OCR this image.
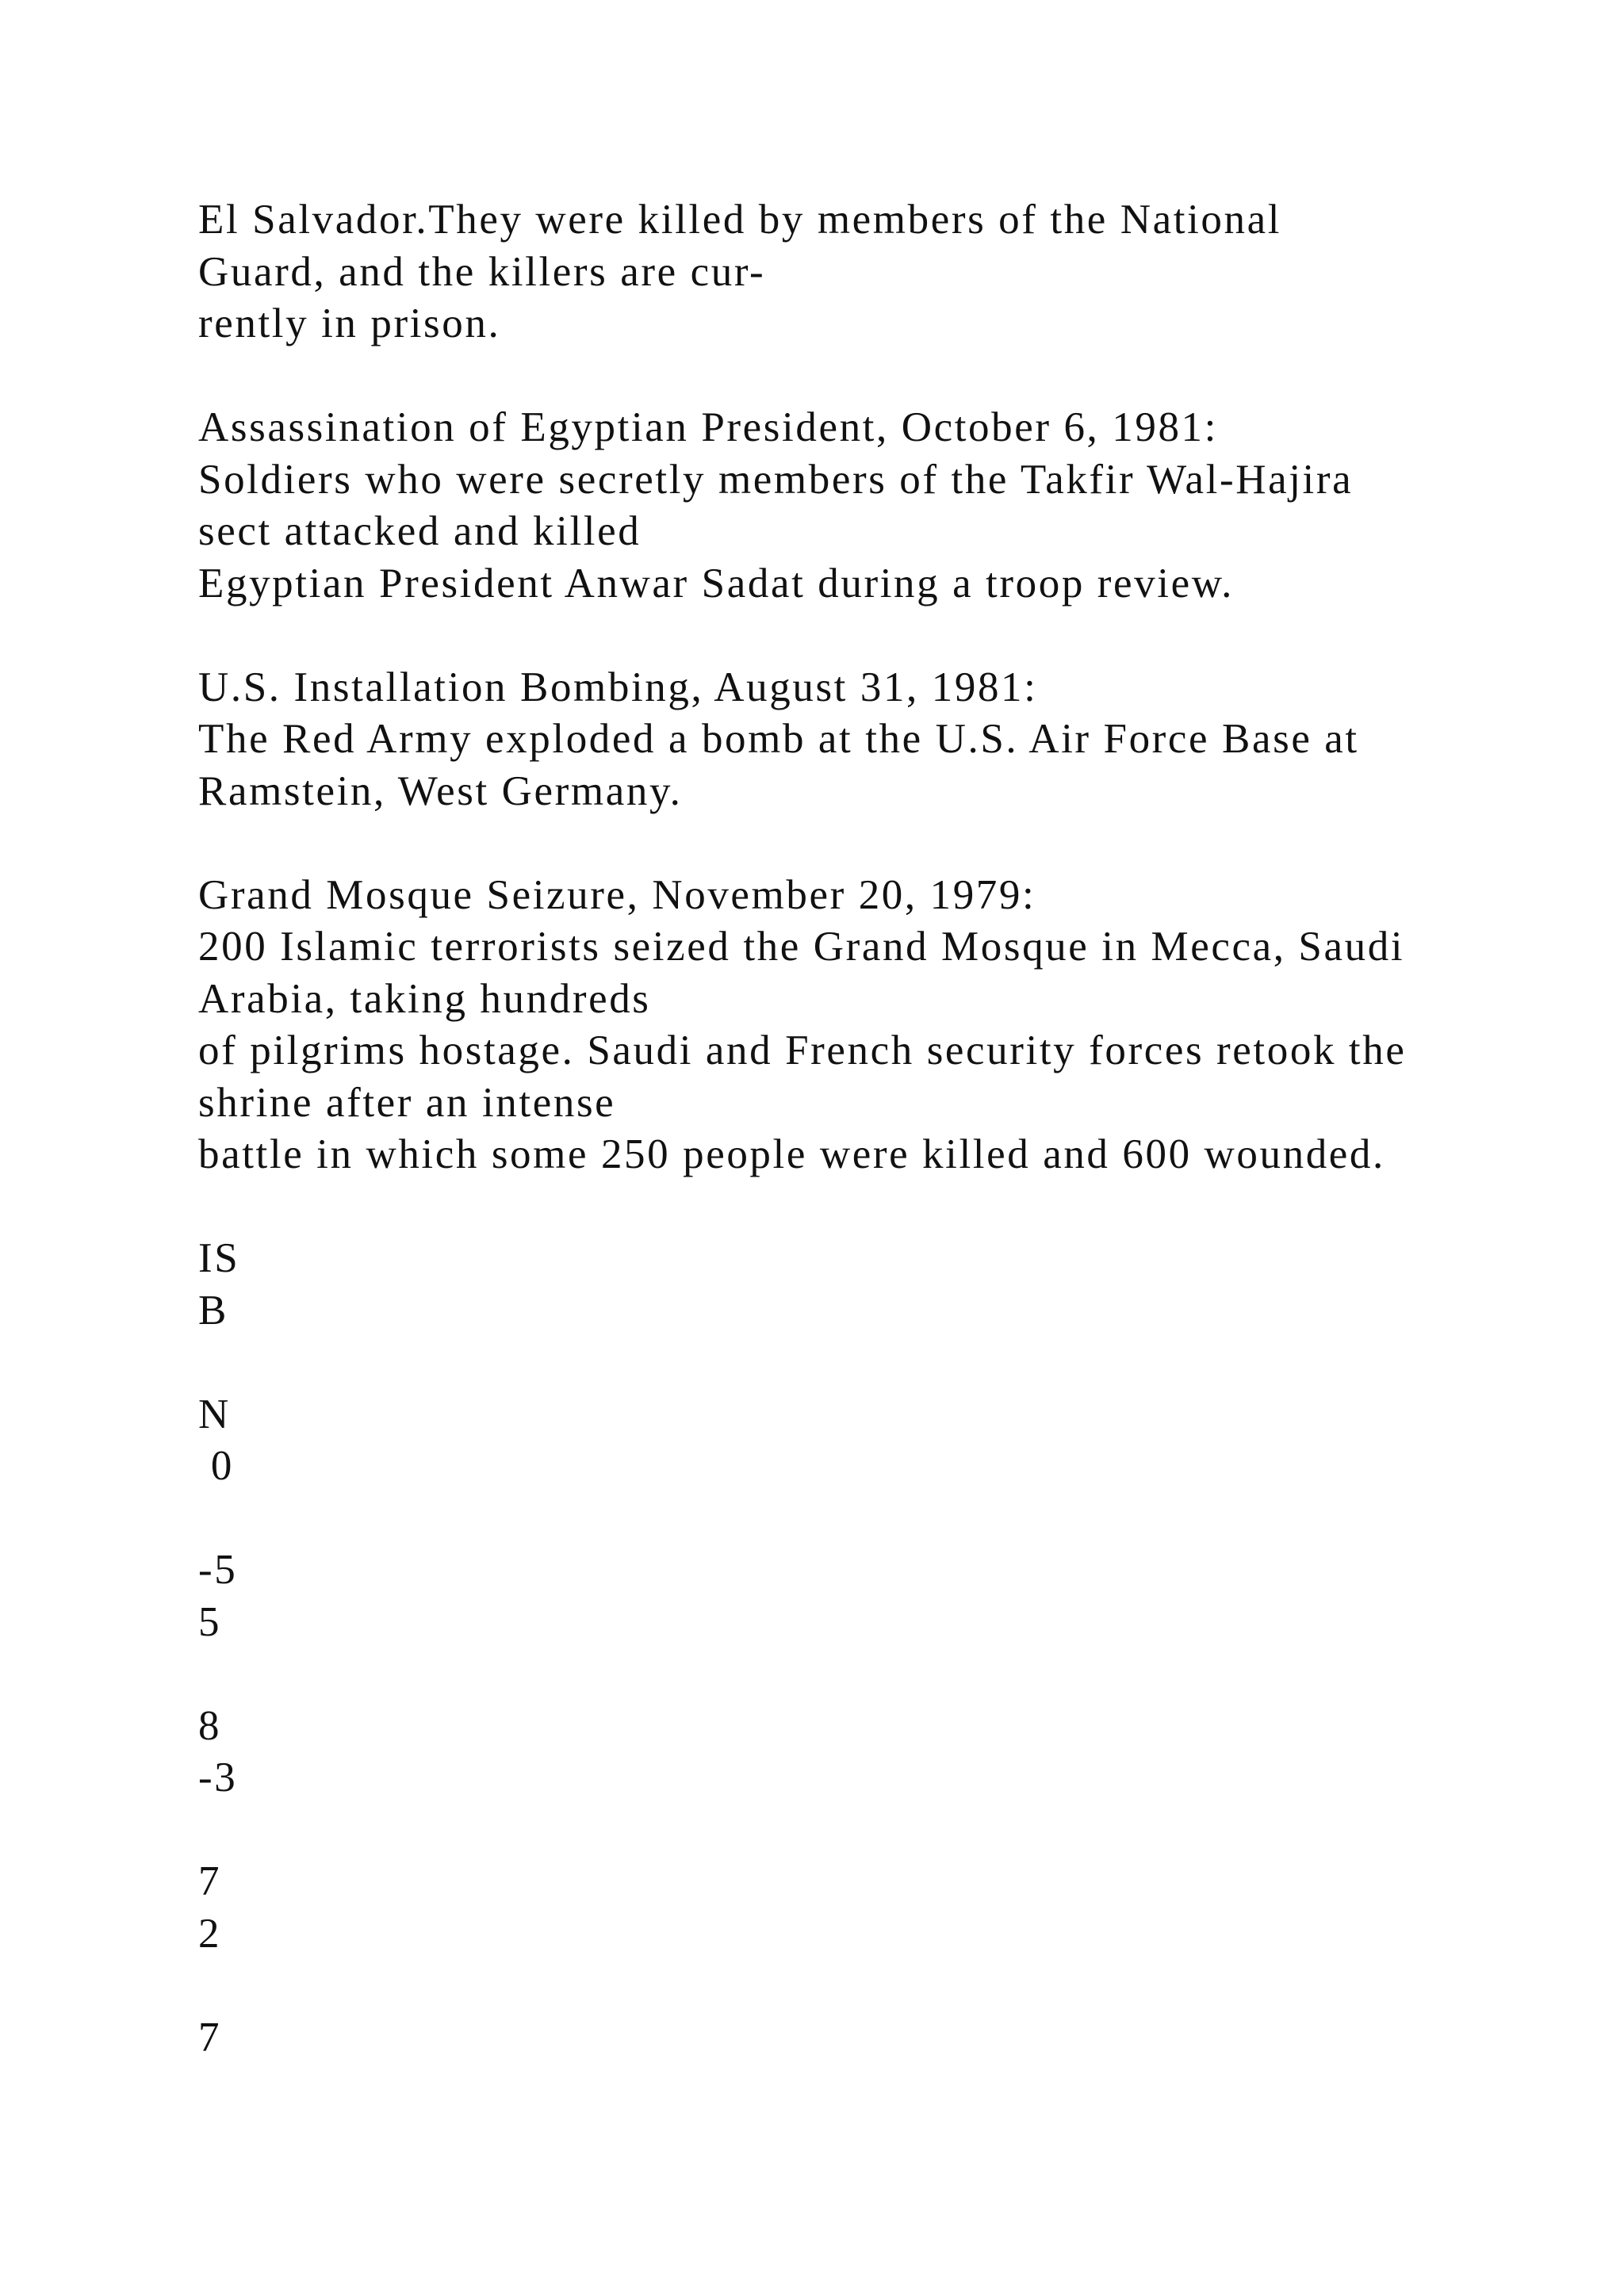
El Salvador.They were killed by members of the National
Guard, and the killers are cur-
rently in prison.
Assassination of Egyptian President, October 6, 1981:
Soldiers who were secretly members of the Takfir Wal-Hajira
sect attacked and killed
Egyptian President Anwar Sadat during a troop review.
U.S. Installation Bombing, August 31, 1981:
The Red Army exploded a bomb at the U.S. Air Force Base at
Ramstein, West Germany.
Grand Mosque Seizure, November 20, 1979:
200 Islamic terrorists seized the Grand Mosque in Mecca, Saudi
Arabia, taking hundreds
of pilgrims hostage. Saudi and French security forces retook the
shrine after an intense
battle in which some 250 people were killed and 600 wounded.
IS
B
N
0
-5
5
8
-3
7
2
7
